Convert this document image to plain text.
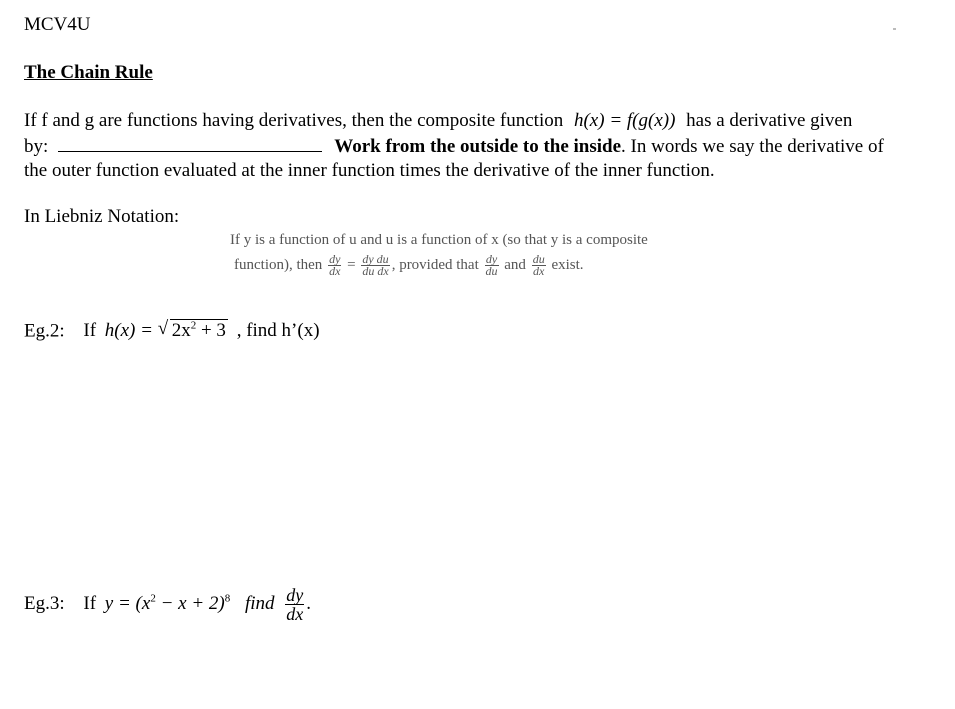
MCV4U
The Chain Rule
If f and g are functions having derivatives, then the composite function h(x) = f(g(x)) has a derivative given
by:	Work from the outside to the inside. In words we say the derivative of
the outer function evaluated at the inner function times the derivative of the inner function.
In Liebniz Notation:
If y is a function of u and u is a function of x (so that y is a composite
function), then $\frac{dy}{dx} = \frac{\text{dy du}}{\text{du dx}}$ , provided that $\frac{dy}{du}$ and $\frac{du}{dx}$ exist.
Eg.2: If h(x) = √ $2x^2 + 3$ , find h’(x)
Eg.3: If $y = (x^2 - x + 2)^8$ find $\frac{dy}{dx}$ .
